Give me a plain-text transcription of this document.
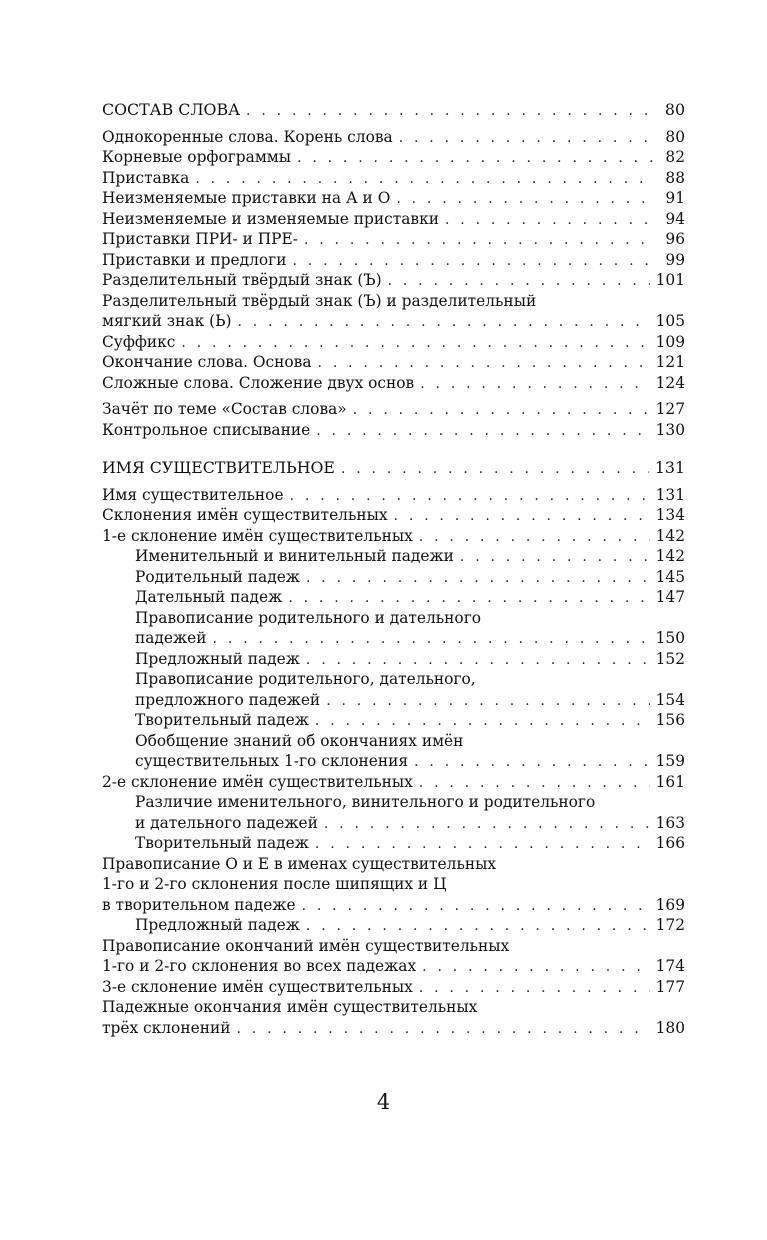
СОСТАВ СЛОВА . . .	80
Однокоренные слова. Корень слова . . .	80
Корневые орфограммы . . .	82
Приставка . . .	88
Неизменяемые приставки на А и О . . .	91
Неизменяемые и изменяемые приставки . . .	94
Приставки ПРИ- и ПРЕ- . . .	96
Приставки и предлоги . . .	99
Разделительный твёрдый знак (Ъ) . . .	101
Разделительный твёрдый знак (Ъ) и разделительный
мягкий знак (Ь) . . .	105
Суффикс . . .	109
Окончание слова. Основа . . .	121
Сложные слова. Сложение двух основ . . .	124
Зачёт по теме «Состав слова» . . .	127
Контрольное списывание . . .	130
ИМЯ СУЩЕСТВИТЕЛЬНОЕ . . .	131
Имя существительное . . .	131
Склонения имён существительных . . .	134
1-е склонение имён существительных . . .	142
Именительный и винительный падежи . . .	142
Родительный падеж . . .	145
Дательный падеж . . .	147
Правописание родительного и дательного
падежей . . .	150
Предложный падеж . . .	152
Правописание родительного, дательного,
предложного падежей . . .	154
Творительный падеж . . .	156
Обобщение знаний об окончаниях имён
существительных 1-го склонения . . .	159
2-е склонение имён существительных . . .	161
Различие именительного, винительного и родительного
и дательного падежей . . .	163
Творительный падеж . . .	166
Правописание О и Е в именах существительных
1-го и 2-го склонения после шипящих и Ц
в творительном падеже . . .	169
Предложный падеж . . .	172
Правописание окончаний имён существительных
1-го и 2-го склонения во всех падежах . . .	174
3-е склонение имён существительных . . .	177
Падежные окончания имён существительных
трёх склонений . . .	180
4
